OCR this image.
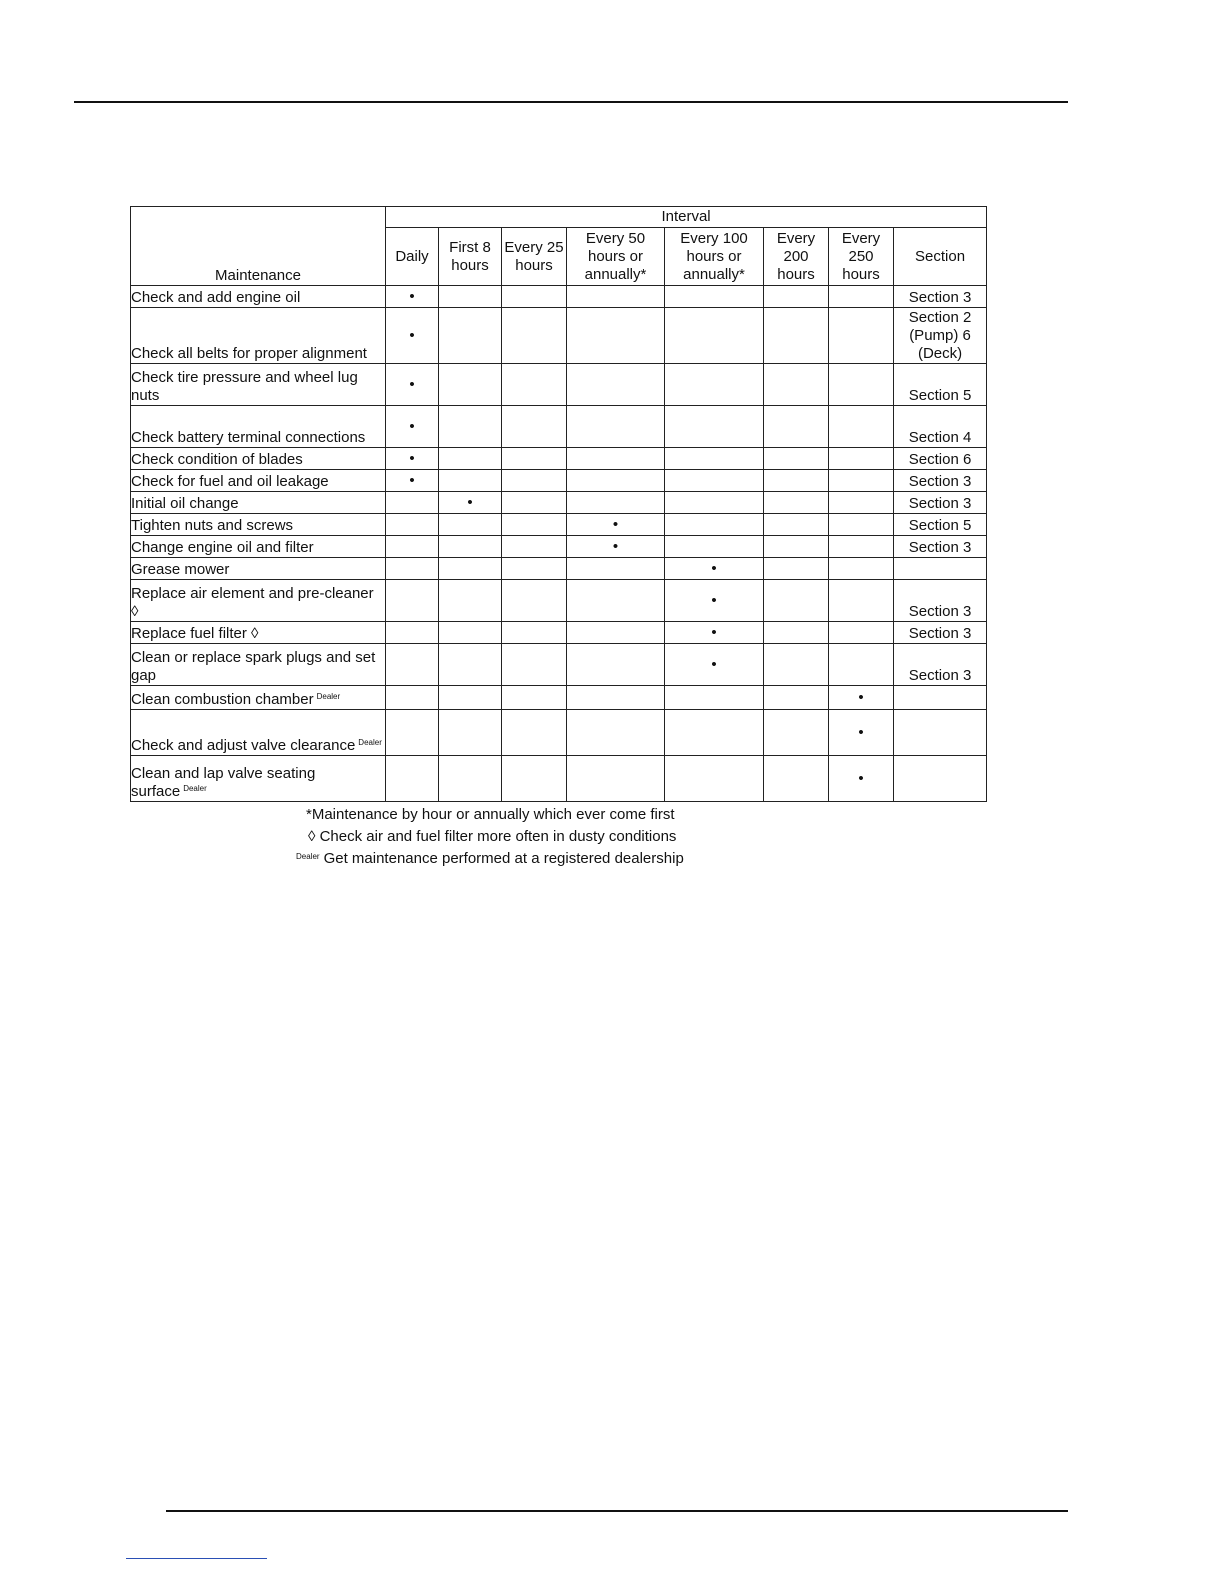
Maintenance	Interval							
	Daily	First 8 hours	Every 25 hours	Every 50 hours or annually*	Every 100 hours or annually*	Every 200 hours	Every 250 hours	Section
Check and add engine oil	•							Section 3
Check all belts for proper alignment	•							Section 2 (Pump) 6 (Deck)
Check tire pressure and wheel lug nuts	•							Section 5
Check battery terminal connections	•							Section 4
Check condition of blades	•							Section 6
Check for fuel and oil leakage	•							Section 3
Initial oil change		•						Section 3
Tighten nuts and screws				•				Section 5
Change engine oil and filter				•				Section 3
Grease mower					•			
Replace air element and pre-cleaner ◊					•			Section 3
Replace fuel filter ◊					•			Section 3
Clean or replace spark plugs and set gap					•			Section 3
Clean combustion chamber $^{Dealer}$							•	
Check and adjust valve clearance $^{Dealer}$							•	
Clean and lap valve seating surface $^{Dealer}$							•	
*Maintenance by hour or annually which ever come first
◊ Check air and fuel filter more often in dusty conditions
$^{Dealer}$ Get maintenance performed at a registered dealership
